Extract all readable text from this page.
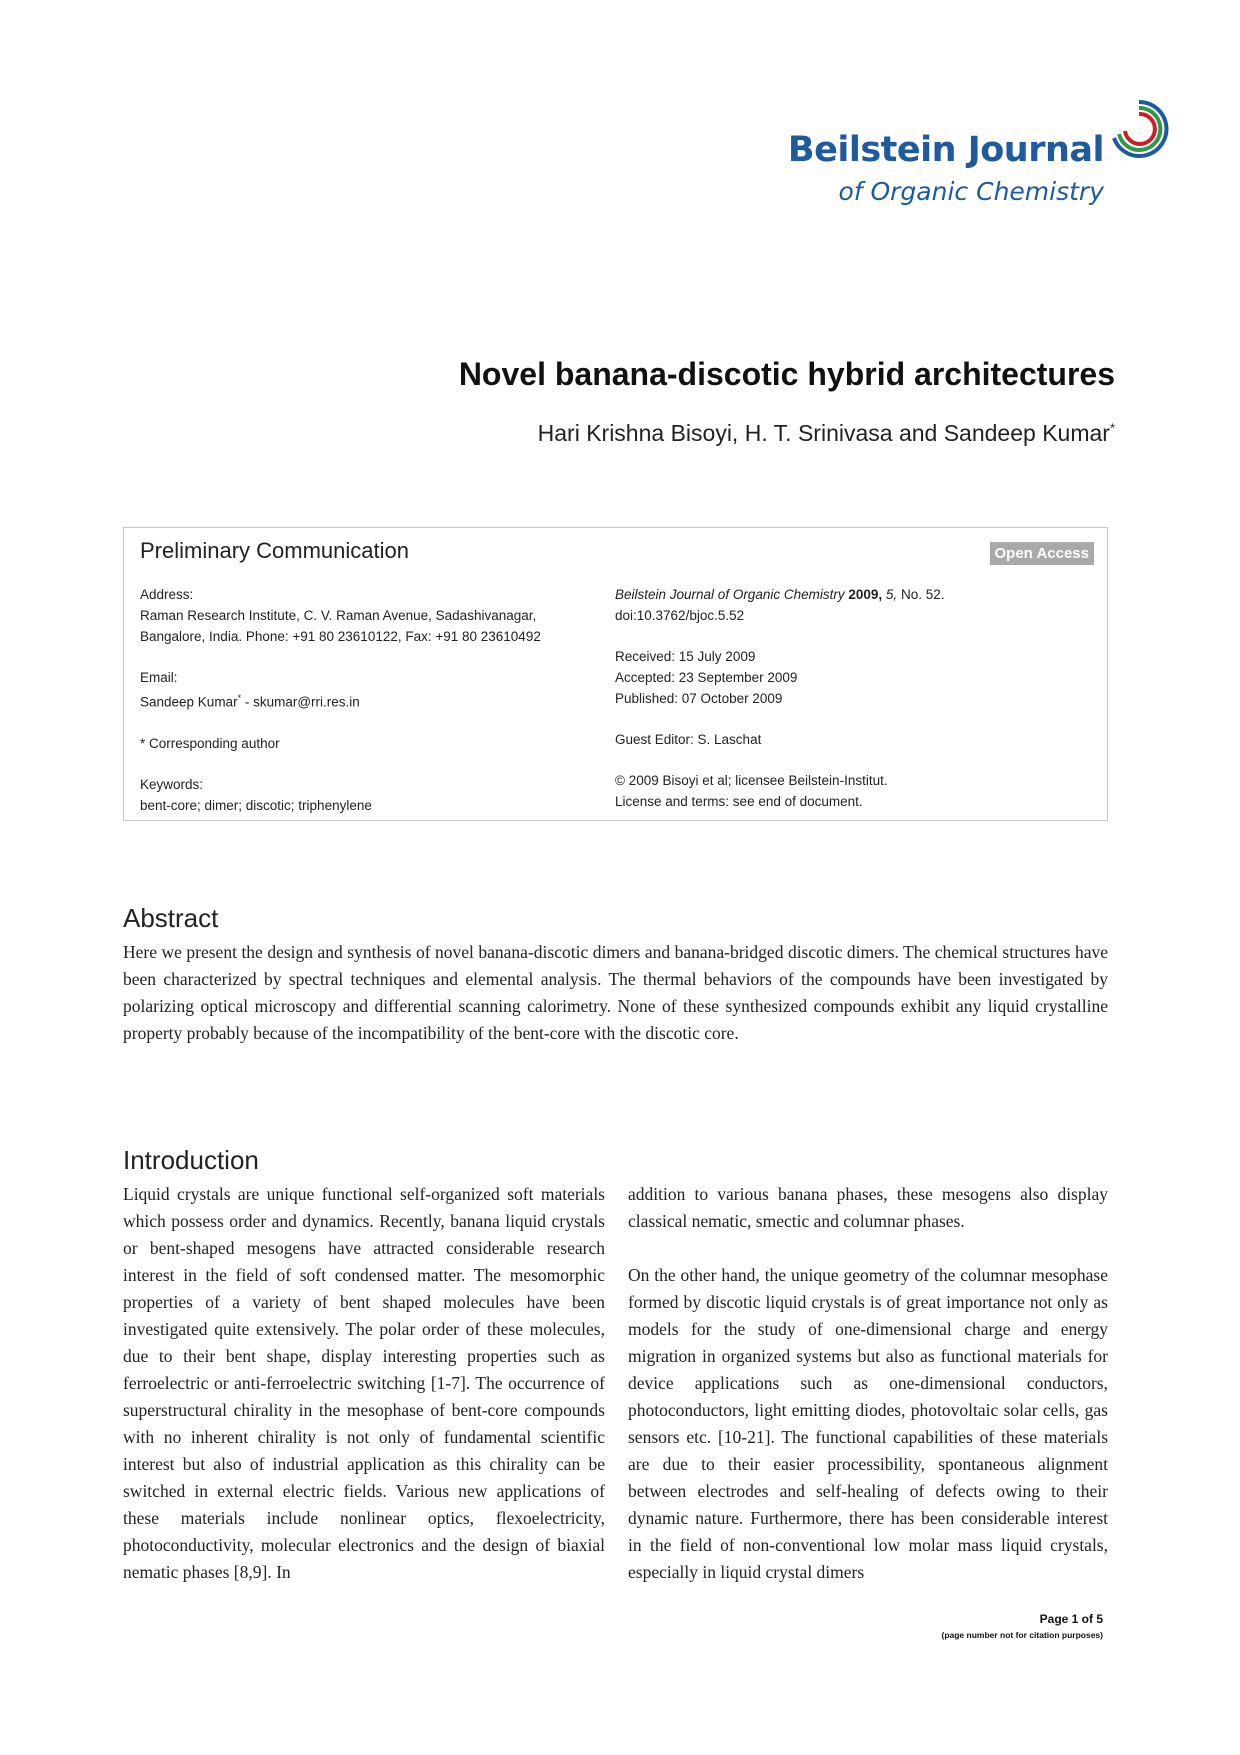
Beilstein Journal
of Organic Chemistry
Novel banana-discotic hybrid architectures
Hari Krishna Bisoyi, H. T. Srinivasa and Sandeep Kumar*
Preliminary Communication	Open Access
Address:
Raman Research Institute, C. V. Raman Avenue, Sadashivanagar,
Bangalore, India. Phone: +91 80 23610122, Fax: +91 80 23610492
Email:
Sandeep Kumar* - skumar@rri.res.in
* Corresponding author
Keywords:
bent-core; dimer; discotic; triphenylene
Beilstein Journal of Organic Chemistry 2009, 5, No. 52.
doi:10.3762/bjoc.5.52
Received: 15 July 2009
Accepted: 23 September 2009
Published: 07 October 2009
Guest Editor: S. Laschat
© 2009 Bisoyi et al; licensee Beilstein-Institut.
License and terms: see end of document.
Abstract

Here we present the design and synthesis of novel banana-discotic dimers and banana-bridged discotic dimers. The chemical structures have been characterized by spectral techniques and elemental analysis. The thermal behaviors of the compounds have been investigated by polarizing optical microscopy and differential scanning calorimetry. None of these synthesized compounds exhibit any liquid crystalline property probably because of the incompatibility of the bent-core with the discotic core.

Introduction

Liquid crystals are unique functional self-organized soft materials which possess order and dynamics. Recently, banana liquid crystals or bent-shaped mesogens have attracted considerable research interest in the field of soft condensed matter. The mesomorphic properties of a variety of bent shaped molecules have been investigated quite extensively. The polar order of these molecules, due to their bent shape, display interesting properties such as ferroelectric or anti-ferroelectric switching [1-7]. The occurrence of superstructural chirality in the mesophase of bent-core compounds with no inherent chirality is not only of fundamental scientific interest but also of industrial application as this chirality can be switched in external electric fields. Various new applications of these materials include nonlinear optics, flexoelectricity, photoconductivity, molecular electronics and the design of biaxial nematic phases [8,9]. In

addition to various banana phases, these mesogens also display classical nematic, smectic and columnar phases.

On the other hand, the unique geometry of the columnar mesophase formed by discotic liquid crystals is of great importance not only as models for the study of one-dimensional charge and energy migration in organized systems but also as functional materials for device applications such as one-dimensional conductors, photoconductors, light emitting diodes, photovoltaic solar cells, gas sensors etc. [10-21]. The functional capabilities of these materials are due to their easier processibility, spontaneous alignment between electrodes and self-healing of defects owing to their dynamic nature. Furthermore, there has been considerable interest in the field of non-conventional low molar mass liquid crystals, especially in liquid crystal dimers

Page 1 of 5
(page number not for citation purposes)
